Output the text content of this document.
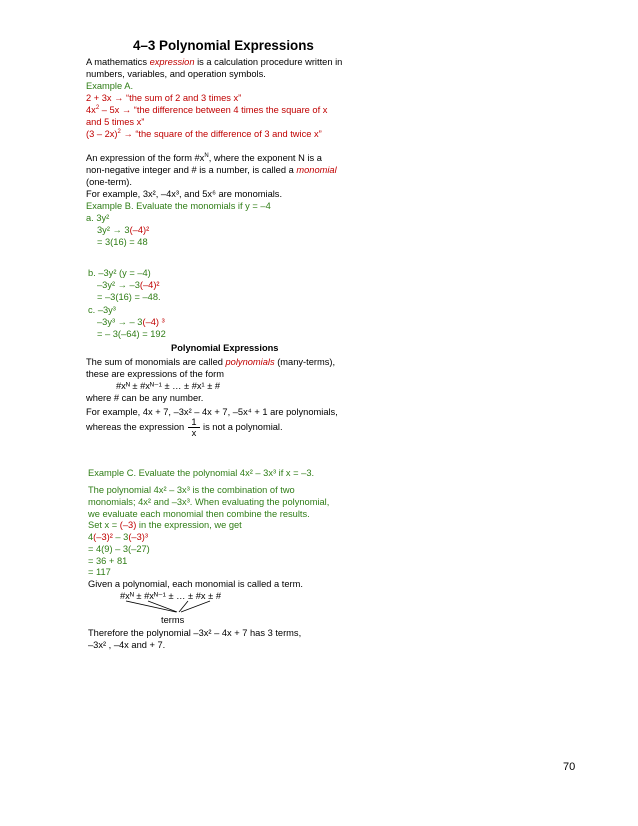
4–3 Polynomial Expressions
A mathematics expression is a calculation procedure written in
numbers, variables, and operation symbols.
Example A.
2 + 3x → “the sum of 2 and 3 times x”
$4x^2 - 5x$ → “the difference between 4 times the square of x
and 5 times x”
(3 – 2x)$^2$ → “the square of the difference of 3 and twice x”
An expression of the form $\#x^N$, where the exponent N is a
non-negative integer and # is a number, is called a monomial
(one-term).
For example, 3x², –4x³, and 5x⁶ are monomials.
Example B. Evaluate the monomials if y = –4
a. 3y²
3y² → 3(–4)²
= 3(16) = 48
b. –3y² (y = –4)
–3y² → –3(–4)²
= –3(16) = –48.
c. –3y³
–3y³ → – 3(–4) ³
= – 3(–64) = 192
Polynomial Expressions
The sum of monomials are called polynomials (many-terms),
these are expressions of the form
#xᴺ ± #xᴺ⁻¹ ± … ± #x¹ ± #
where # can be any number.
For example, 4x + 7, –3x² – 4x + 7, –5x⁴ + 1 are polynomials,
whereas the expression $\frac{1}{x}$ is not a polynomial.
Example C. Evaluate the polynomial 4x² – 3x³ if x = –3.
The polynomial 4x² – 3x³ is the combination of two
monomials; 4x² and –3x³. When evaluating the polynomial,
we evaluate each monomial then combine the results.
Set x = (–3) in the expression, we get
4(–3)² – 3(–3)³
= 4(9) – 3(–27)
= 36 + 81
= 117
Given a polynomial, each monomial is called a term.
#xᴺ ± #xᴺ⁻¹ ± … ± #x ± #
terms
Therefore the polynomial –3x² – 4x + 7 has 3 terms,
–3x² , –4x and + 7.
70
